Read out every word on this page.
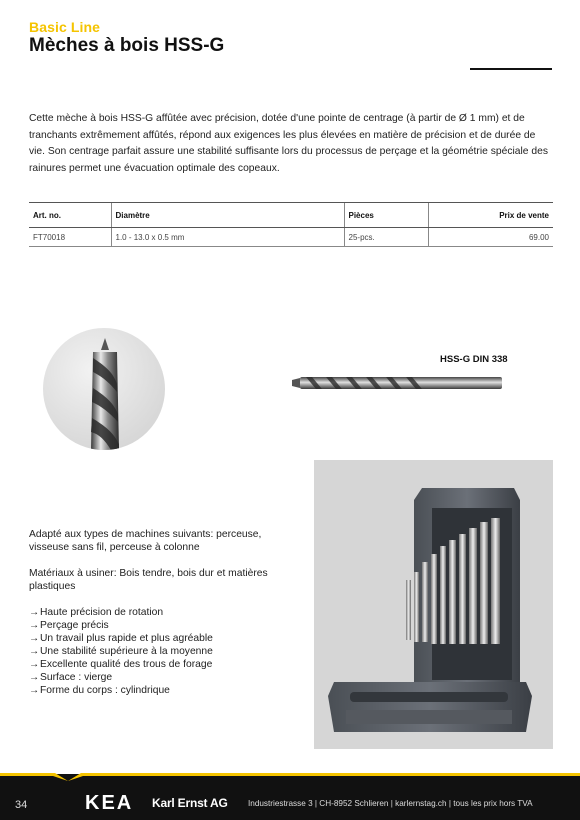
Basic Line
Mèches à bois HSS-G

Cette mèche à bois HSS-G affûtée avec précision, dotée d'une pointe de centrage (à partir de Ø 1 mm) et de tranchants extrêmement affûtés, répond aux exigences les plus élevées en matière de précision et de durée de vie. Son centrage parfait assure une stabilité suffisante lors du processus de perçage et la géométrie spéciale des rainures permet une évacuation optimale des copeaux.

Art. no.	Diamètre	Pièces	Prix de vente
FT70018	1.0 - 13.0 x 0.5 mm	25-pcs.	69.00
HSS-G DIN 338

Adapté aux types de machines suivants: perceuse, visseuse sans fil, perceuse à colonne

Matériaux à usiner: Bois tendre, bois dur et matières plastiques

→Haute précision de rotation
→Perçage précis
→Un travail plus rapide et plus agréable
→Une stabilité supérieure à la moyenne
→Excellente qualité des trous de forage
→Surface : vierge
→Forme du corps : cylindrique
34	KEA Karl Ernst AG Industriestrasse 3 | CH-8952 Schlieren | karlernstag.ch | tous les prix hors TVA
